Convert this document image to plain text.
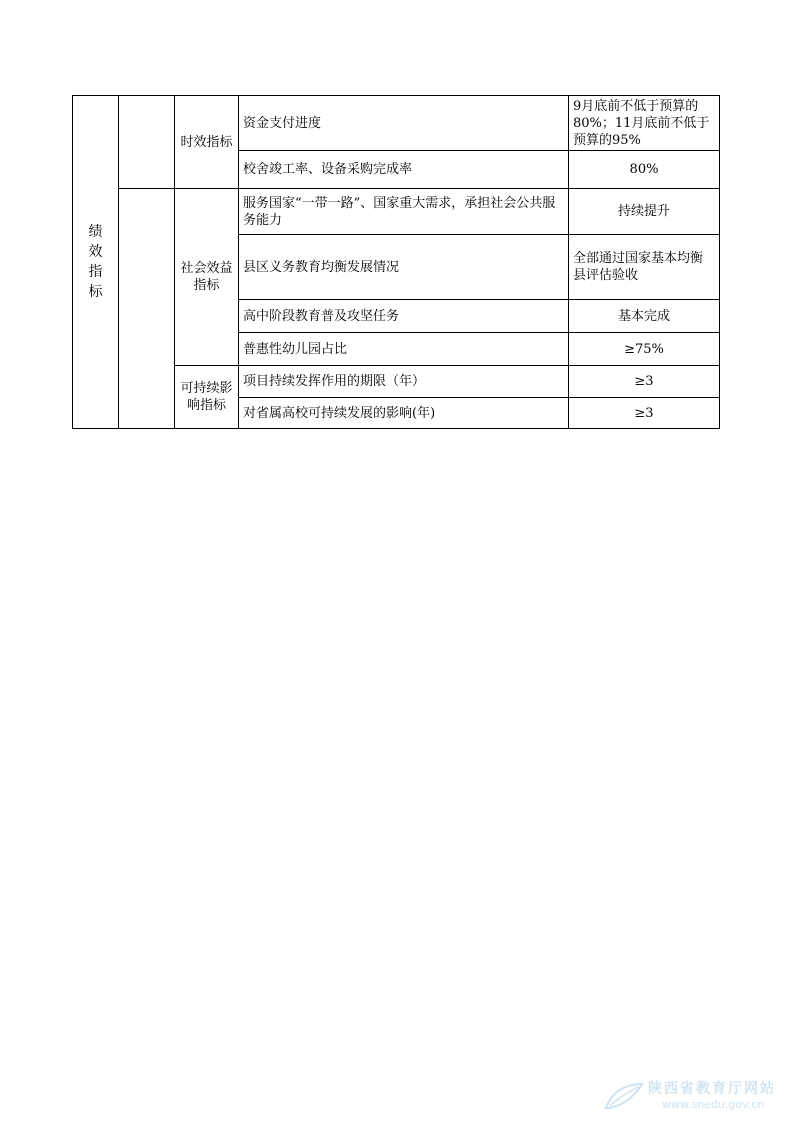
绩效指标		时效指标	资金支付进度	9月底前不低于预算的80%；11月底前不低于预算的95%
			校舍竣工率、设备采购完成率	80%
		社会效益指标	服务国家“一带一路”、国家重大需求，承担社会公共服务能力	持续提升
			县区义务教育均衡发展情况	全部通过国家基本均衡县评估验收
			高中阶段教育普及攻坚任务	基本完成
			普惠性幼儿园占比	≥75%
		可持续影响指标	项目持续发挥作用的期限（年）	≥3
			对省属高校可持续发展的影响(年)	≥3
陕西省教育厅网站
www.snedu.gov.cn
